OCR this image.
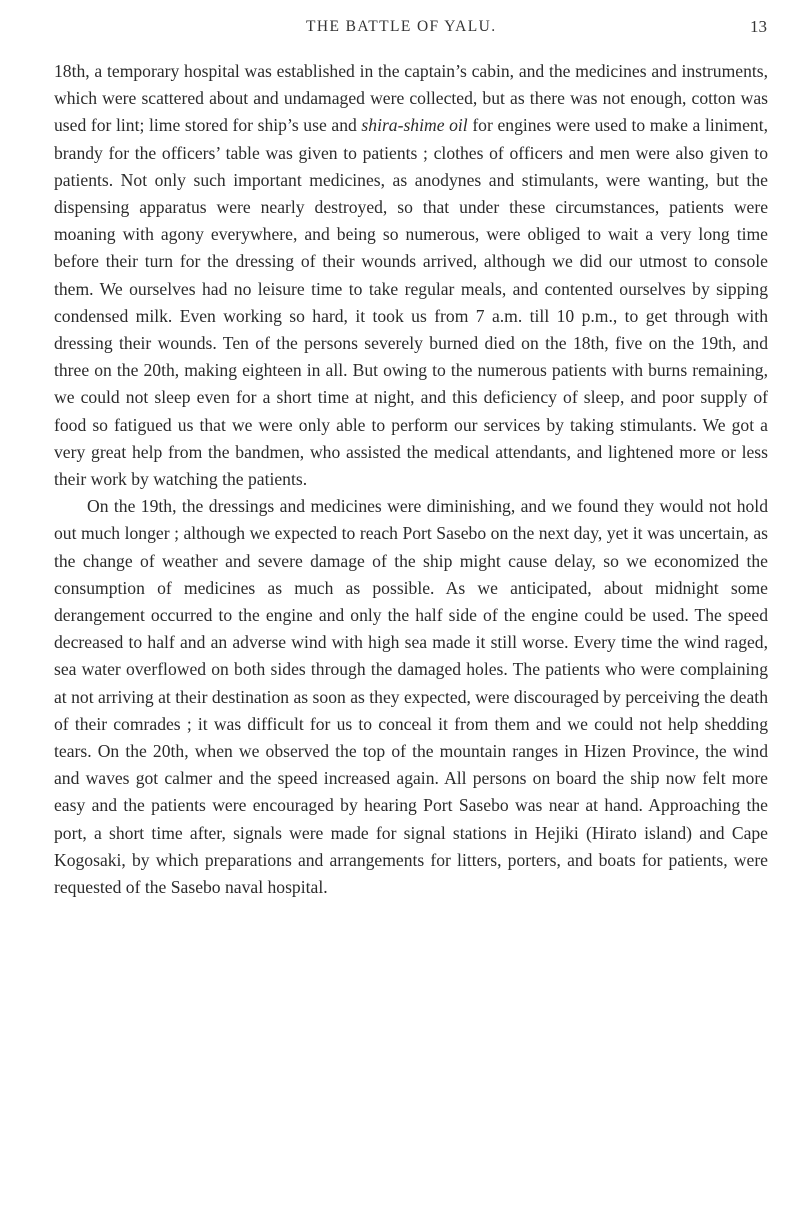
THE BATTLE OF YALU.	13

18th, a temporary hospital was established in the captain’s cabin, and the medicines and instruments, which were scattered about and undamaged were collected, but as there was not enough, cotton was used for lint; lime stored for ship’s use and shira-shime oil for engines were used to make a liniment, brandy for the officers’ table was given to patients ; clothes of officers and men were also given to patients. Not only such important medicines, as anodynes and stimulants, were wanting, but the dispensing apparatus were nearly destroyed, so that under these circumstances, patients were moaning with agony everywhere, and being so numerous, were obliged to wait a very long time before their turn for the dressing of their wounds arrived, although we did our utmost to console them. We ourselves had no leisure time to take regular meals, and contented ourselves by sipping condensed milk. Even working so hard, it took us from 7 a.m. till 10 p.m., to get through with dressing their wounds. Ten of the persons severely burned died on the 18th, five on the 19th, and three on the 20th, making eighteen in all. But owing to the numerous patients with burns remaining, we could not sleep even for a short time at night, and this deficiency of sleep, and poor supply of food so fatigued us that we were only able to perform our services by taking stimulants. We got a very great help from the bandmen, who assisted the medical attendants, and lightened more or less their work by watching the patients.

On the 19th, the dressings and medicines were diminishing, and we found they would not hold out much longer ; although we expected to reach Port Sasebo on the next day, yet it was uncertain, as the change of weather and severe damage of the ship might cause delay, so we economized the consumption of medicines as much as possible. As we anticipated, about midnight some derangement occurred to the engine and only the half side of the engine could be used. The speed decreased to half and an adverse wind with high sea made it still worse. Every time the wind raged, sea water overflowed on both sides through the damaged holes. The patients who were complaining at not arriving at their destination as soon as they expected, were discouraged by perceiving the death of their comrades ; it was difficult for us to conceal it from them and we could not help shedding tears. On the 20th, when we observed the top of the mountain ranges in Hizen Province, the wind and waves got calmer and the speed increased again. All persons on board the ship now felt more easy and the patients were encouraged by hearing Port Sasebo was near at hand. Approaching the port, a short time after, signals were made for signal stations in Hejiki (Hirato island) and Cape Kogosaki, by which preparations and arrangements for litters, porters, and boats for patients, were requested of the Sasebo naval hospital.
